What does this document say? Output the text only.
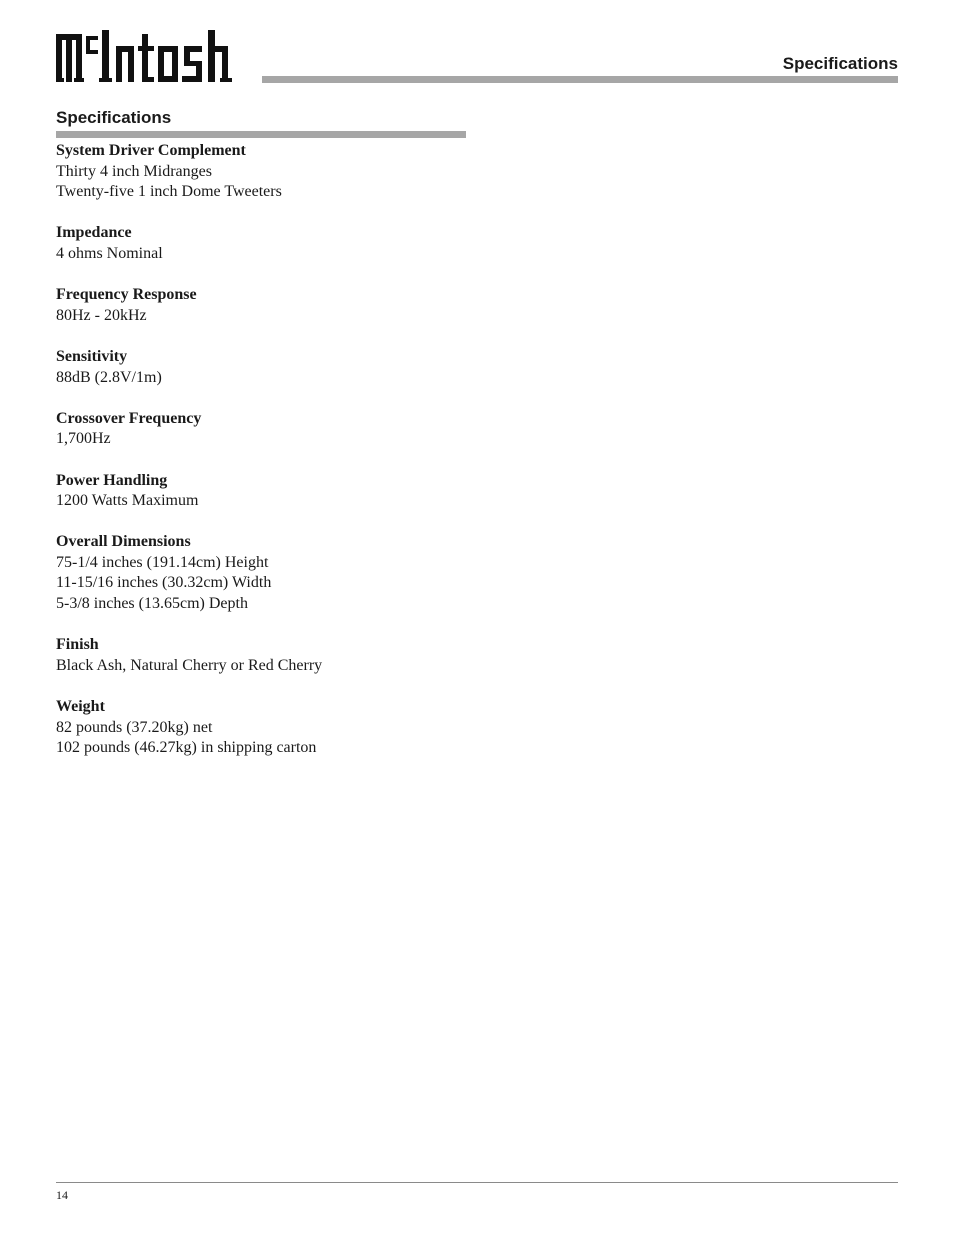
Specifications
Specifications
System Driver Complement
Thirty 4 inch Midranges
Twenty-five 1 inch Dome Tweeters
Impedance
4 ohms Nominal
Frequency Response
80Hz - 20kHz
Sensitivity
88dB (2.8V/1m)
Crossover Frequency
1,700Hz
Power Handling
1200 Watts Maximum
Overall Dimensions
75-1/4 inches (191.14cm) Height
11-15/16 inches (30.32cm) Width
5-3/8 inches (13.65cm) Depth
Finish
Black Ash, Natural Cherry or Red Cherry
Weight
82 pounds (37.20kg) net
102 pounds (46.27kg) in shipping carton
14
